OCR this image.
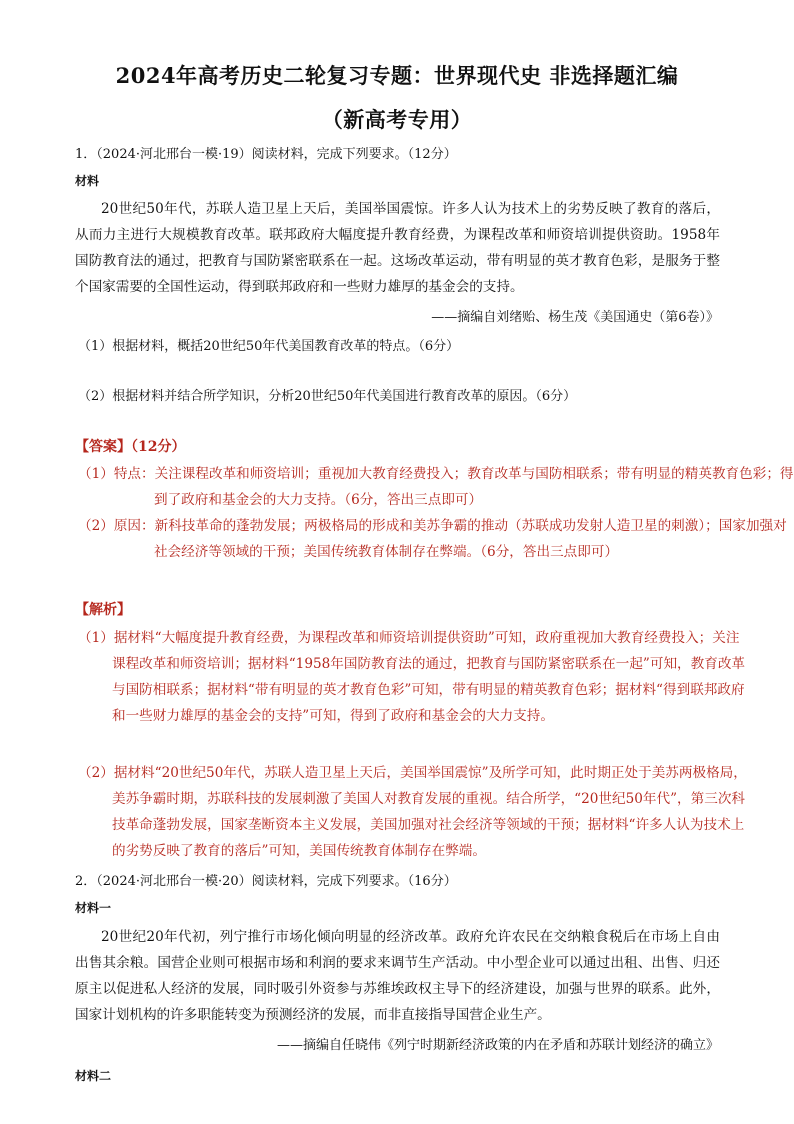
2024年高考历史二轮复习专题：世界现代史 非选择题汇编
（新高考专用）
1．（2024·河北邢台一模·19）阅读材料，完成下列要求。（12分）
材料
20世纪50年代，苏联人造卫星上天后，美国举国震惊。许多人认为技术上的劣势反映了教育的落后，从而力主进行大规模教育改革。联邦政府大幅度提升教育经费，为课程改革和师资培训提供资助。1958年国防教育法的通过，把教育与国防紧密联系在一起。这场改革运动，带有明显的英才教育色彩，是服务于整个国家需要的全国性运动，得到联邦政府和一些财力雄厚的基金会的支持。
——摘编自刘绪贻、杨生茂《美国通史（第6卷）》
（1）根据材料，概括20世纪50年代美国教育改革的特点。（6分）
（2）根据材料并结合所学知识，分析20世纪50年代美国进行教育改革的原因。（6分）
【答案】（12分）
（1）特点：关注课程改革和师资培训；重视加大教育经费投入；教育改革与国防相联系；带有明显的精英教育色彩；得到了政府和基金会的大力支持。（6分，答出三点即可）
（2）原因：新科技革命的蓬勃发展；两极格局的形成和美苏争霸的推动（苏联成功发射人造卫星的刺激）；国家加强对社会经济等领域的干预；美国传统教育体制存在弊端。（6分，答出三点即可）
【解析】
（1）据材料“大幅度提升教育经费，为课程改革和师资培训提供资助”可知，政府重视加大教育经费投入；关注课程改革和师资培训；据材料“1958年国防教育法的通过，把教育与国防紧密联系在一起”可知，教育改革与国防相联系；据材料“带有明显的英才教育色彩”可知，带有明显的精英教育色彩；据材料“得到联邦政府和一些财力雄厚的基金会的支持”可知，得到了政府和基金会的大力支持。
（2）据材料“20世纪50年代，苏联人造卫星上天后，美国举国震惊”及所学可知，此时期正处于美苏两极格局，美苏争霸时期，苏联科技的发展刺激了美国人对教育发展的重视。结合所学，“20世纪50年代”，第三次科技革命蓬勃发展，国家垄断资本主义发展，美国加强对社会经济等领域的干预；据材料“许多人认为技术上的劣势反映了教育的落后”可知，美国传统教育体制存在弊端。
2．（2024·河北邢台一模·20）阅读材料，完成下列要求。（16分）
材料一
20世纪20年代初，列宁推行市场化倾向明显的经济改革。政府允许农民在交纳粮食税后在市场上自由出售其余粮。国营企业则可根据市场和利润的要求来调节生产活动。中小型企业可以通过出租、出售、归还原主以促进私人经济的发展，同时吸引外资参与苏维埃政权主导下的经济建设，加强与世界的联系。此外，国家计划机构的许多职能转变为预测经济的发展，而非直接指导国营企业生产。
——摘编自任晓伟《列宁时期新经济政策的内在矛盾和苏联计划经济的确立》
材料二
